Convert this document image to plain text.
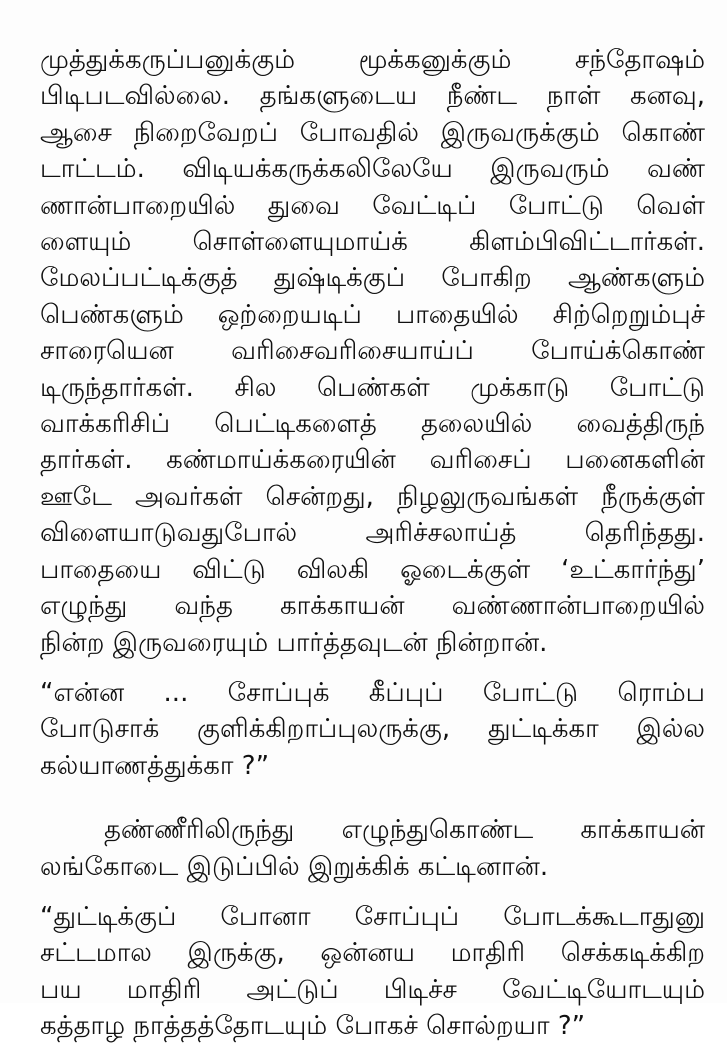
முத்துக்கருப்பனுக்கும் மூக்கனுக்கும் சந்தோஷம்
பிடிபடவில்லை. தங்களுடைய நீண்ட நாள் கனவு,
ஆசை நிறைவேறப் போவதில் இருவருக்கும் கொண்
டாட்டம். விடியக்கருக்கலிலேயே இருவரும் வண்
ணான்பாறையில் துவை வேட்டிப் போட்டு வெள்
ளையும் சொள்ளையுமாய்க் கிளம்பிவிட்டார்கள்.
மேலப்பட்டிக்குத் துஷ்டிக்குப் போகிற ஆண்களும்
பெண்களும் ஒற்றையடிப் பாதையில் சிற்றெறும்புச்
சாரையென வரிசைவரிசையாய்ப் போய்க்கொண்
டிருந்தார்கள். சில பெண்கள் முக்காடு போட்டு
வாக்கரிசிப் பெட்டிகளைத் தலையில் வைத்திருந்
தார்கள். கண்மாய்க்கரையின் வரிசைப் பனைகளின்
ஊடே அவர்கள் சென்றது, நிழலுருவங்கள் நீருக்குள்
விளையாடுவதுபோல் அரிச்சலாய்த் தெரிந்தது.
பாதையை விட்டு விலகி ஓடைக்குள் ‘உட்கார்ந்து’
எழுந்து வந்த காக்காயன் வண்ணான்பாறையில்
நின்ற இருவரையும் பார்த்தவுடன் நின்றான்.
“என்ன ... சோப்புக் கீப்புப் போட்டு ரொம்ப
போடுசாக் குளிக்கிறாப்புலருக்கு, துட்டிக்கா இல்ல
கல்யாணத்துக்கா ?”
தண்ணீரிலிருந்து எழுந்துகொண்ட காக்காயன்
லங்கோடை இடுப்பில் இறுக்கிக் கட்டினான்.
“துட்டிக்குப் போனா சோப்புப் போடக்கூடாதுனு
சட்டமால இருக்கு, ஒன்னய மாதிரி செக்கடிக்கிற
பய மாதிரி அட்டுப் பிடிச்ச வேட்டியோடயும்
கத்தாழ நாத்தத்தோடயும் போகச் சொல்றயா ?”
